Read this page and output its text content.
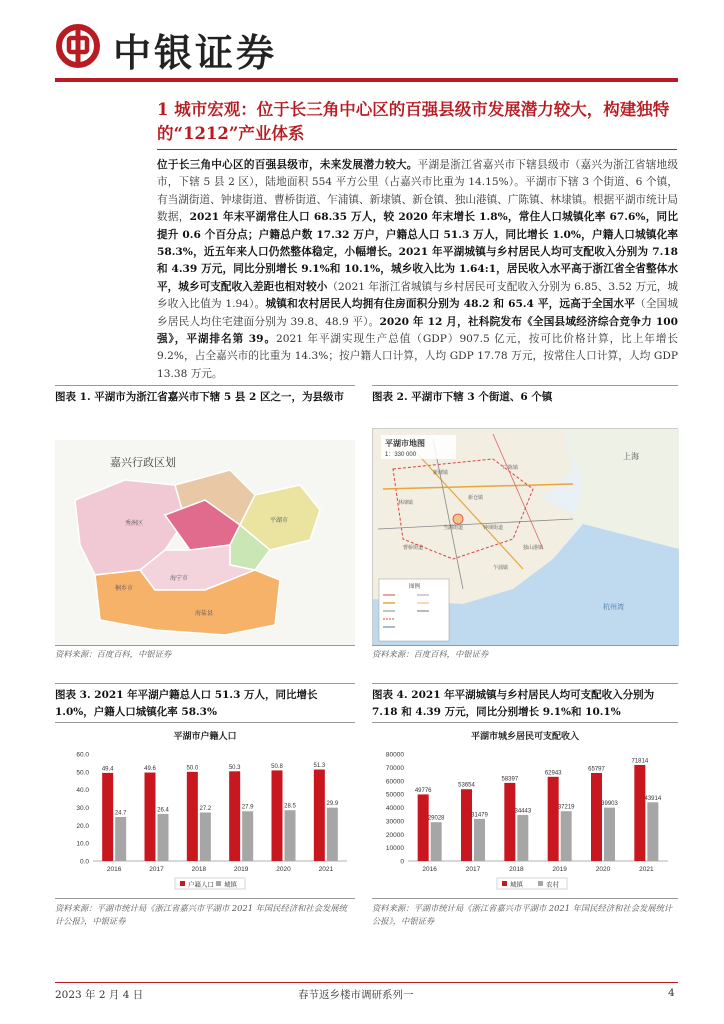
中银证券
1 城市宏观：位于长三角中心区的百强县级市发展潜力较大，构建独特的“1212”产业体系
位于长三角中心区的百强县级市，未来发展潜力较大。平湖是浙江省嘉兴市下辖县级市（嘉兴为浙江省辖地级市，下辖 5 县 2 区），陆地面积 554 平方公里（占嘉兴市比重为 14.15%）。平湖市下辖 3 个街道、6 个镇，有当湖街道、钟埭街道、曹桥街道、乍浦镇、新埭镇、新仓镇、独山港镇、广陈镇、林埭镇。根据平湖市统计局数据，2021 年末平湖常住人口 68.35 万人，较 2020 年末增长 1.8%，常住人口城镇化率 67.6%，同比提升 0.6 个百分点；户籍总户数 17.32 万户，户籍总人口 51.3 万人，同比增长 1.0%，户籍人口城镇化率 58.3%，近五年来人口仍然整体稳定，小幅增长。2021 年平湖城镇与乡村居民人均可支配收入分别为 7.18 和 4.39 万元，同比分别增长 9.1%和 10.1%，城乡收入比为 1.64:1，居民收入水平高于浙江省全省整体水平，城乡可支配收入差距也相对较小（2021 年浙江省城镇与乡村居民可支配收入分别为 6.85、3.52 万元，城乡收入比值为 1.94）。城镇和农村居民人均拥有住房面积分别为 48.2 和 65.4 平，远高于全国水平（全国城乡居民人均住宅建面分别为 39.8、48.9 平）。2020 年 12 月，社科院发布《全国县域经济综合竞争力 100 强》，平湖排名第 39。2021 年平湖实现生产总值（GDP）907.5 亿元，按可比价格计算，比上年增长 9.2%，占全嘉兴市的比重为 14.3%；按户籍人口计算，人均 GDP 17.78 万元，按常住人口计算，人均 GDP 13.38 万元。
图表 1. 平湖市为浙江省嘉兴市下辖 5 县 2 区之一，为县级市
嘉兴行政区划
秀洲区
海盐县
平湖市
桐乡市
海宁市
资料来源：百度百科，中银证券
图表 2. 平湖市下辖 3 个街道、6 个镇
平湖市地图
1：330 000
新埭镇
广陈镇
新仓镇
林埭镇
当湖街道	钟埭街道
乍浦镇
独山港镇
上海
曹桥街道
杭州湾
图例
资料来源：百度百科，中银证券
图表 3. 2021 年平湖户籍总人口 51.3 万人，同比增长 1.0%，户籍人口城镇化率 58.3%
平湖市户籍人口
0.0
10.0
20.0
30.0
40.0
50.0
60.0
49.4
24.7
2016
49.6
26.4
2017
50.0
27.2
2018
50.3
27.9
2019
50.8
28.5
2020
51.3
29.9
2021
户籍人口 城镇
资料来源：平湖市统计局《浙江省嘉兴市平湖市 2021 年国民经济和社会发展统计公报》，中银证券
图表 4. 2021 年平湖城镇与乡村居民人均可支配收入分别为 7.18 和 4.39 万元，同比分别增长 9.1%和 10.1%
平湖市城乡居民可支配收入
0
10000
20000
30000
40000
50000
60000
70000
80000
49776
29028
2016
53654
31479
2017
58397
34443
2018
62943
37219
2019
65797
39903
2020
71814
43914
2021
城镇	农村
资料来源：平湖市统计局《浙江省嘉兴市平湖市 2021 年国民经济和社会发展统计公报》，中银证券
2023 年 2 月 4 日	春节返乡楼市调研系列一	4
